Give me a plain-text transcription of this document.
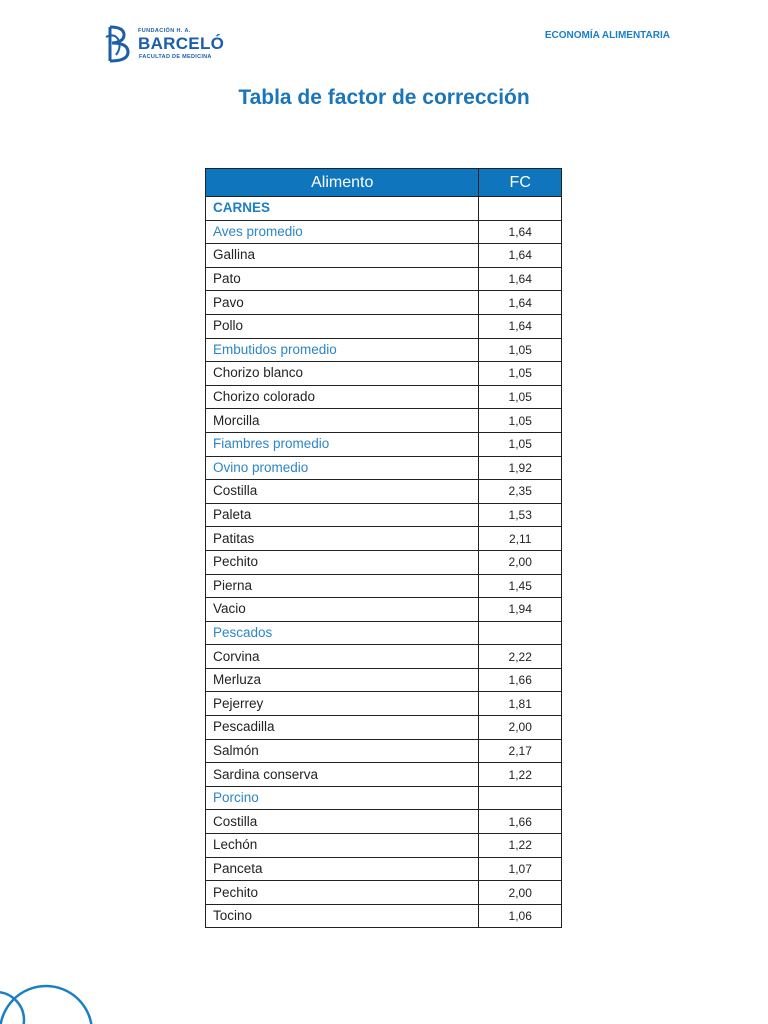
FUNDACIÓN H. A.
BARCELÓ
FACULTAD DE MEDICINA
ECONOMÍA ALIMENTARIA
Tabla de factor de corrección
Alimento	FC
CARNES	
Aves promedio	1,64
Gallina	1,64
Pato	1,64
Pavo	1,64
Pollo	1,64
Embutidos promedio	1,05
Chorizo blanco	1,05
Chorizo colorado	1,05
Morcilla	1,05
Fiambres promedio	1,05
Ovino promedio	1,92
Costilla	2,35
Paleta	1,53
Patitas	2,11
Pechito	2,00
Pierna	1,45
Vacio	1,94
Pescados	
Corvina	2,22
Merluza	1,66
Pejerrey	1,81
Pescadilla	2,00
Salmón	2,17
Sardina conserva	1,22
Porcino	
Costilla	1,66
Lechón	1,22
Panceta	1,07
Pechito	2,00
Tocino	1,06
